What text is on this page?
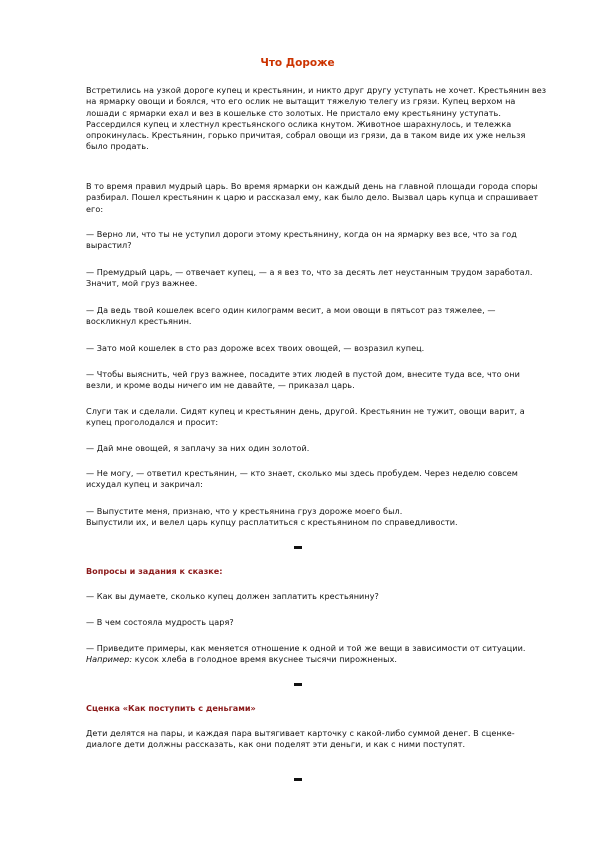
Что Дороже

Встретились на узкой дороге купец и крестьянин, и никто друг другу уступать не хочет. Крестьянин вез на ярмарку овощи и боялся, что его ослик не вытащит тяжелую телегу из грязи. Купец верхом на лошади с ярмарки ехал и вез в кошельке сто золотых. Не пристало ему крестьянину уступать. Рассердился купец и хлестнул крестьянского ослика кнутом. Животное шарахнулось, и тележка опрокинулась. Крестьянин, горько причитая, собрал овощи из грязи, да в таком виде их уже нельзя было продать.

В то время правил мудрый царь. Во время ярмарки он каждый день на главной площади города споры разбирал. Пошел крестьянин к царю и рассказал ему, как было дело. Вызвал царь купца и спрашивает его:

— Верно ли, что ты не уступил дороги этому крестьянину, когда он на ярмарку вез все, что за год вырастил?

— Премудрый царь, — отвечает купец, — а я вез то, что за десять лет неустанным трудом заработал. Значит, мой груз важнее.

— Да ведь твой кошелек всего один килограмм весит, а мои овощи в пятьсот раз тяжелее, — воскликнул крестьянин.

— Зато мой кошелек в сто раз дороже всех твоих овощей, — возразил купец.

— Чтобы выяснить, чей груз важнее, посадите этих людей в пустой дом, внесите туда все, что они везли, и кроме воды ничего им не давайте, — приказал царь.

Слуги так и сделали. Сидят купец и крестьянин день, другой. Крестьянин не тужит, овощи варит, а купец проголодался и просит:

— Дай мне овощей, я заплачу за них один золотой.

— Не могу, — ответил крестьянин, — кто знает, сколько мы здесь пробудем. Через неделю совсем исхудал купец и закричал:

— Выпустите меня, признаю, что у крестьянина груз дороже моего был.
Выпустили их, и велел царь купцу расплатиться с крестьянином по справедливости.

Вопросы и задания к сказке:

— Как вы думаете, сколько купец должен заплатить крестьянину?

— В чем состояла мудрость царя?

— Приведите примеры, как меняется отношение к одной и той же вещи в зависимости от ситуации. Например: кусок хлеба в голодное время вкуснее тысячи пирожненых.

Сценка «Как поступить с деньгами»

Дети делятся на пары, и каждая пара вытягивает карточку с какой-либо суммой денег. В сценке-диалоге дети должны рассказать, как они поделят эти деньги, и как с ними поступят.
